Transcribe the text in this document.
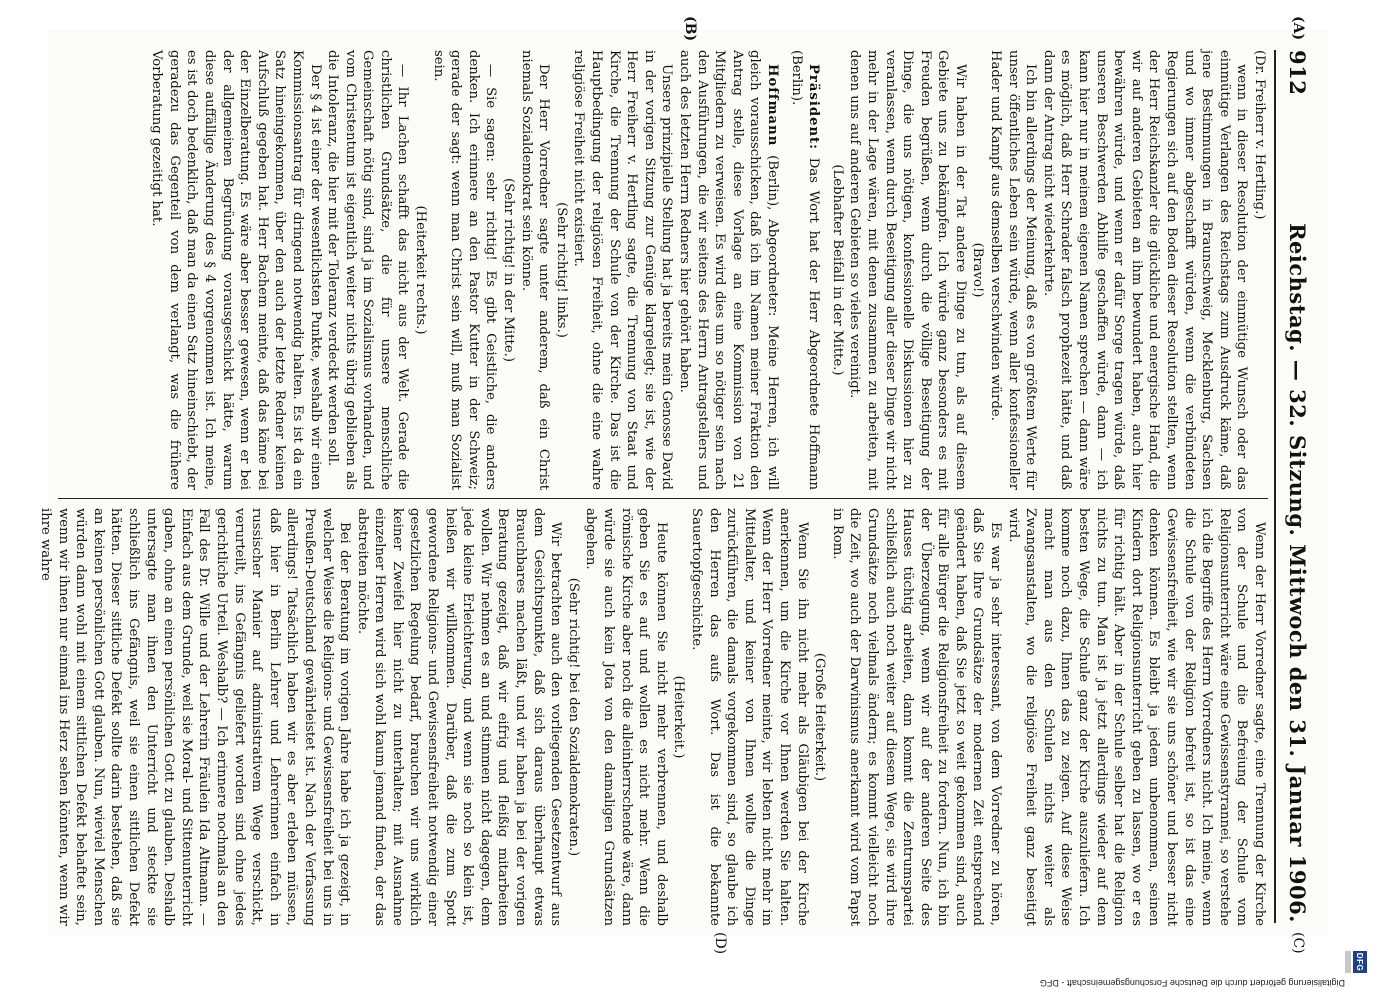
912
Reichstag. — 32. Sitzung. Mittwoch den 31. Januar 1906.
(A)
(B)
(C)
(D)

(Dr. Freiherr v. Hertling.)

wenn in dieser Resolution der einmütige Wunsch oder das einmütige Verlangen des Reichstags zum Ausdruck käme, daß jene Bestimmungen in Braunschweig, Mecklenburg, Sachsen und wo immer abgeschafft würden, wenn die verbündeten Regierungen sich auf den Boden dieser Resolution stellten, wenn der Herr Reichskanzler die glückliche und energische Hand, die wir auf anderen Gebieten an ihm bewundert haben, auch hier bewähren würde, und wenn er dafür Sorge tragen würde, daß unseren Beschwerden Abhilfe geschaffen würde, dann — ich kann hier nur in meinem eigenen Namen sprechen — dann wäre es möglich, daß Herr Schrader falsch prophezeit hätte, und daß dann der Antrag nicht wiederkehrte.

Ich bin allerdings der Meinung, daß es von größtem Werte für unser öffentliches Leben sein würde, wenn aller konfessioneller Hader und Kampf aus demselben verschwinden würde.

(Bravo!)

Wir haben in der Tat andere Dinge zu tun, als auf diesem Gebiete uns zu bekämpfen. Ich würde ganz besonders es mit Freuden begrüßen, wenn durch die völlige Beseitigung der Dinge, die uns nötigen, konfessionelle Diskussionen hier zu veranlassen, wenn durch Beseitigung aller dieser Dinge wir nicht mehr in der Lage wären, mit denen zusammen zu arbeiten, mit denen uns auf anderen Gebieten so vieles vereinigt.

(Lebhafter Beifall in der Mitte.)

Präsident: Das Wort hat der Herr Abgeordnete Hoffmann (Berlin).

Hoffmann (Berlin), Abgeordneter: Meine Herren, ich will gleich vorausschicken, daß ich im Namen meiner Fraktion den Antrag stelle, diese Vorlage an eine Kommission von 21 Mitgliedern zu verweisen. Es wird dies um so nötiger sein nach den Ausführungen, die wir seitens des Herrn Antragstellers und auch des letzten Herrn Redners hier gehört haben.

Unsere prinzipielle Stellung hat ja bereits mein Genosse David in der vorigen Sitzung zur Genüge klargelegt; sie ist, wie der Herr Freiherr v. Hertling sagte, die Trennung von Staat und Kirche, die Trennung der Schule von der Kirche. Das ist die Hauptbedingung der religiösen Freiheit, ohne die eine wahre religiöse Freiheit nicht existiert.

(Sehr richtig! links.)

Der Herr Vorredner sagte unter anderem, daß ein Christ niemals Sozialdemokrat sein könne.

(Sehr richtig! in der Mitte.)

— Sie sagen: sehr richtig! Es gibt Geistliche, die anders denken. Ich erinnere an den Pastor Kutter in der Schweiz; gerade der sagt: wenn man Christ sein will, muß man Sozialist sein.

(Heiterkeit rechts.)

— Ihr Lachen schafft das nicht aus der Welt. Gerade die christlichen Grundsätze, die für unsere menschliche Gemeinschaft nötig sind, sind ja im Sozialismus vorhanden, und vom Christentum ist eigentlich weiter nichts übrig geblieben als die Intoleranz, die hier mit der Toleranz verdeckt werden soll.

Der § 4 ist einer der wesentlichsten Punkte, weshalb wir einen Kommissionsantrag für dringend notwendig halten. Es ist da ein Satz hineingekommen, über den auch der letzte Redner keinen Aufschluß gegeben hat. Herr Bachem meinte, daß das käme bei der Einzelberatung. Es wäre aber besser gewesen, wenn er bei der allgemeinen Begründung vorausgeschickt hätte, warum diese auffällige Änderung des § 4 vorgenommen ist. Ich meine, es ist doch bedenklich, daß man da einen Satz hineinschiebt, der geradezu das Gegenteil von dem verlangt, was die frühere Vorberatung gezeitigt hat.

Wenn der Herr Vorredner sagte, eine Trennung der Kirche von der Schule und die Befreiung der Schule vom Religionsunterricht wäre eine Gewissenstyrannei, so verstehe ich die Begriffe des Herrn Vorredners nicht. Ich meine, wenn die Schule von der Religion befreit ist, so ist das eine Gewissensfreiheit, wie wir sie uns schöner und besser nicht denken können. Es bleibt ja jedem unbenommen, seinen Kindern dort Religionsunterricht geben zu lassen, wo er es für richtig hält. Aber in der Schule selber hat die Religion nichts zu tun. Man ist ja jetzt allerdings wieder auf dem besten Wege, die Schule ganz der Kirche auszuliefern. Ich komme noch dazu, Ihnen das zu zeigen. Auf diese Weise macht man aus den Schulen nichts weiter als Zwangsanstalten, wo die religiöse Freiheit ganz beseitigt wird.

Es war ja sehr interessant, von dem Vorredner zu hören, daß Sie Ihre Grundsätze der modernen Zeit entsprechend geändert haben, daß Sie jetzt so weit gekommen sind, auch für alle Bürger die Religionsfreiheit zu fordern. Nun, ich bin der Überzeugung, wenn wir auf der anderen Seite des Hauses tüchtig arbeiten, dann kommt die Zentrumspartei schließlich auch noch weiter auf diesem Wege, sie wird ihre Grundsätze noch vielmals ändern; es kommt vielleicht noch die Zeit, wo auch der Darwinismus anerkannt wird vom Papst in Rom.

(Große Heiterkeit.)

Wenn Sie ihn nicht mehr als Gläubigen bei der Kirche anerkennen, um die Kirche vor Ihnen werden Sie halten. Wenn der Herr Vorredner meinte, wir lebten nicht mehr im Mittelalter, und keiner von Ihnen wollte die Dinge zurückführen, die damals vorgekommen sind, so glaube ich den Herren das aufs Wort. Das ist die bekannte Sauertopfgeschichte.

(Heiterkeit.)

Heute können Sie nicht mehr verbrennen, und deshalb geben Sie es auf und wollen es nicht mehr. Wenn die römische Kirche aber noch die alleinherrschende wäre, dann würde sie auch kein Jota von den damaligen Grundsätzen abgehen.

(Sehr richtig! bei den Sozialdemokraten.)

Wir betrachten auch den vorliegenden Gesetzentwurf aus dem Gesichtspunkte, daß sich daraus überhaupt etwas Brauchbares machen läßt, und wir haben ja bei der vorigen Beratung gezeigt, daß wir eifrig und fleißig mitarbeiten wollen. Wir nehmen es an und stimmen nicht dagegen, dem jede kleine Erleichterung, und wenn sie noch so klein ist, heißen wir willkommen. Darüber, daß die zum Spott gewordene Religions- und Gewissensfreiheit notwendig einer gesetzlichen Regelung bedarf, brauchen wir uns wirklich keiner Zweifel hier nicht zu unterhalten; mit Ausnahme einzelner Herren wird sich wohl kaum jemand finden, der das abstreiten möchte.

Bei der Beratung im vorigen Jahre habe ich ja gezeigt, in welcher Weise die Religions- und Gewissensfreiheit bei uns in Preußen-Deutschland gewährleistet ist. Nach der Verfassung allerdings! Tatsächlich haben wir es aber erleben müssen, daß hier in Berlin Lehrer und Lehrerinnen einfach in russischer Manier auf administrativem Wege verschickt, verurteilt, ins Gefängnis geliefert worden sind ohne jedes gerichtliche Urteil. Weshalb? — Ich erinnere nochmals an den Fall des Dr. Wille und der Lehrerin Fräulein Ida Altmann. — Einfach aus dem Grunde, weil sie Moral- und Sittenunterricht gaben, ohne an einen persönlichen Gott zu glauben. Deshalb untersagte man ihnen den Unterricht und steckte sie schließlich ins Gefängnis, weil sie einen sittlichen Defekt hätten. Dieser sittliche Defekt sollte darin bestehen, daß sie an keinen persönlichen Gott glauben. Nun, wieviel Menschen würden dann wohl mit einem sittlichen Defekt behaftet sein, wenn wir ihnen nur einmal ins Herz sehen könnten, wenn wir ihre wahre

DFG
Digitalisierung gefördert durch die Deutsche Forschungsgemeinschaft - DFG
